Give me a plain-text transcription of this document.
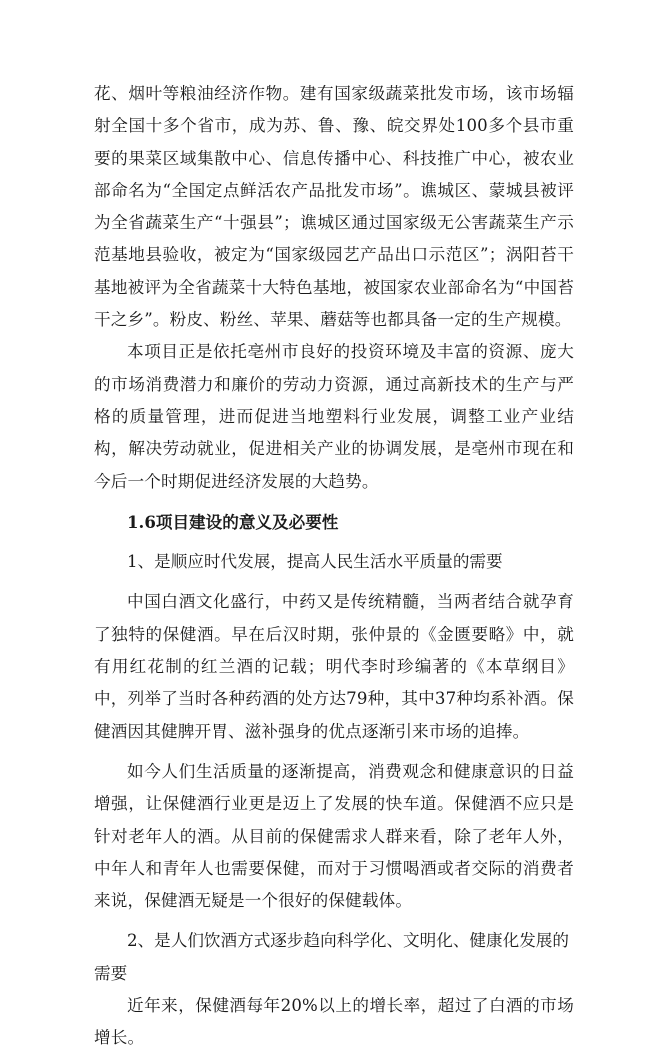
花、烟叶等粮油经济作物。建有国家级蔬菜批发市场，该市场辐射全国十多个省市，成为苏、鲁、豫、皖交界处100多个县市重要的果菜区域集散中心、信息传播中心、科技推广中心，被农业部命名为“全国定点鲜活农产品批发市场”。谯城区、蒙城县被评为全省蔬菜生产“十强县”；谯城区通过国家级无公害蔬菜生产示范基地县验收，被定为“国家级园艺产品出口示范区”；涡阳苔干基地被评为全省蔬菜十大特色基地，被国家农业部命名为“中国苔干之乡”。粉皮、粉丝、苹果、蘑菇等也都具备一定的生产规模。

本项目正是依托亳州市良好的投资环境及丰富的资源、庞大的市场消费潜力和廉价的劳动力资源，通过高新技术的生产与严格的质量管理，进而促进当地塑料行业发展，调整工业产业结构，解决劳动就业，促进相关产业的协调发展，是亳州市现在和今后一个时期促进经济发展的大趋势。

1.6项目建设的意义及必要性

1、是顺应时代发展，提高人民生活水平质量的需要

中国白酒文化盛行，中药又是传统精髓，当两者结合就孕育了独特的保健酒。早在后汉时期，张仲景的《金匮要略》中，就有用红花制的红兰酒的记载；明代李时珍编著的《本草纲目》中，列举了当时各种药酒的处方达79种，其中37种均系补酒。保健酒因其健脾开胃、滋补强身的优点逐渐引来市场的追捧。

如今人们生活质量的逐渐提高，消费观念和健康意识的日益增强，让保健酒行业更是迈上了发展的快车道。保健酒不应只是针对老年人的酒。从目前的保健需求人群来看，除了老年人外，中年人和青年人也需要保健，而对于习惯喝酒或者交际的消费者来说，保健酒无疑是一个很好的保健载体。

2、是人们饮酒方式逐步趋向科学化、文明化、健康化发展的需要

近年来，保健酒每年20%以上的增长率，超过了白酒的市场增长。
